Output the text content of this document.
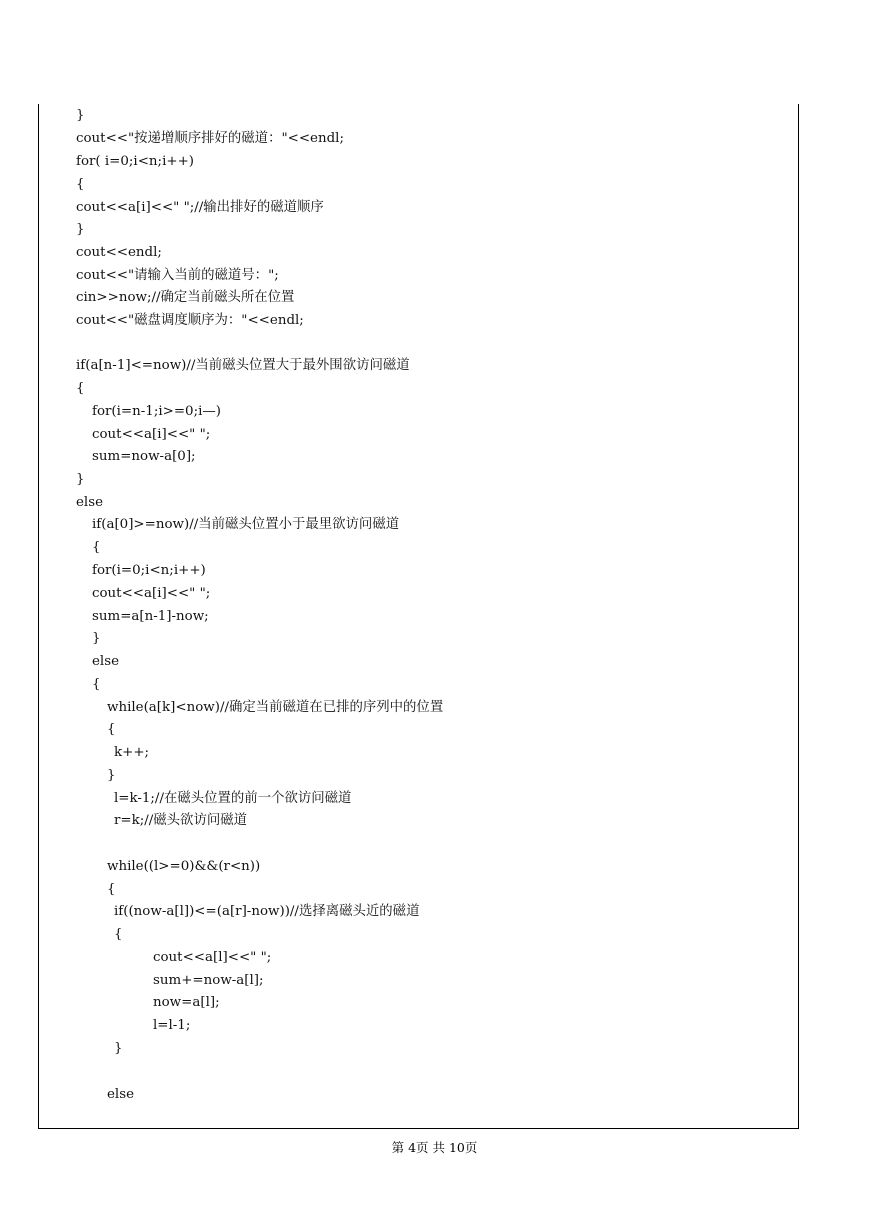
}
cout<<"按递增顺序排好的磁道："<<endl;
for( i=0;i<n;i++)
{
cout<<a[i]<<" ";//输出排好的磁道顺序
}
cout<<endl;
cout<<"请输入当前的磁道号：";
cin>>now;//确定当前磁头所在位置
cout<<"磁盘调度顺序为："<<endl;
if(a[n-1]<=now)//当前磁头位置大于最外围欲访问磁道
{
for(i=n-1;i>=0;i—)
cout<<a[i]<<" ";
sum=now-a[0];
}
else
if(a[0]>=now)//当前磁头位置小于最里欲访问磁道
{
for(i=0;i<n;i++)
cout<<a[i]<<" ";
sum=a[n-1]-now;
}
else
{
while(a[k]<now)//确定当前磁道在已排的序列中的位置
{
k++;
}
l=k-1;//在磁头位置的前一个欲访问磁道
r=k;//磁头欲访问磁道
while((l>=0)&&(r<n))
{
if((now-a[l])<=(a[r]-now))//选择离磁头近的磁道
{
cout<<a[l]<<" ";
sum+=now-a[l];
now=a[l];
l=l-1;
}
else
第 4页 共 10页
